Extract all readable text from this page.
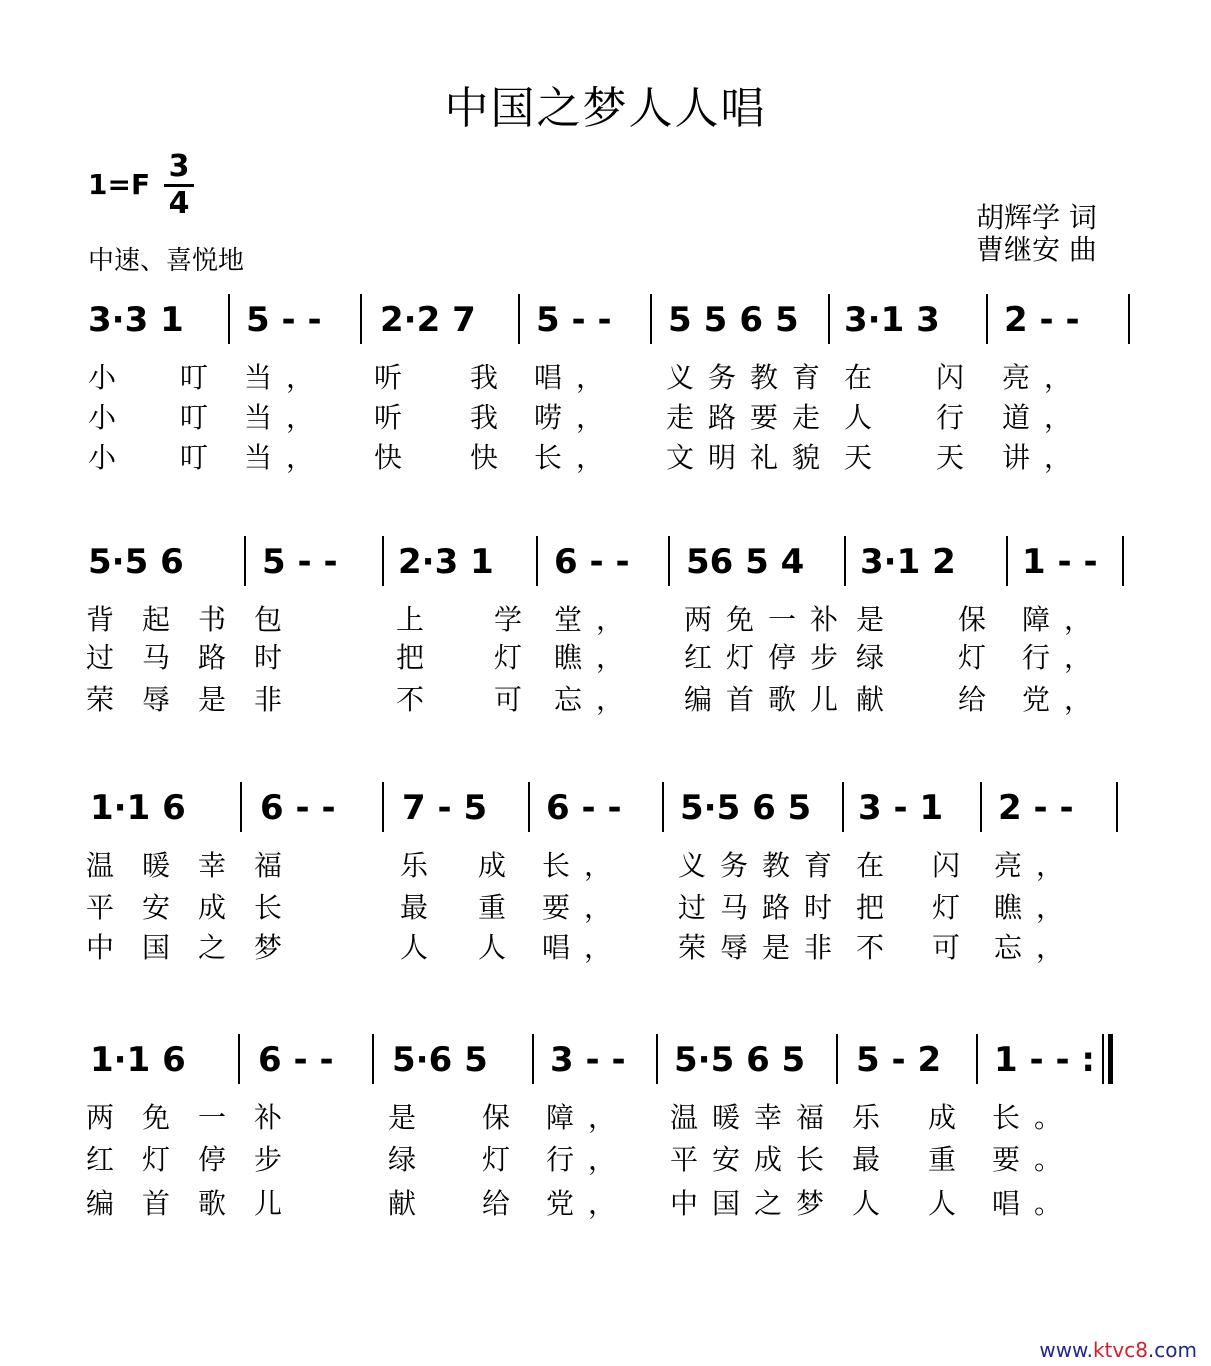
中国之梦人人唱
1=F
3
4
中速、喜悦地
胡辉学 词
曹继安 曲
3·3 1 5 - - 2·2 7 5 - - 5565 3·1 3 2 - -
小 叮 当， 听 我 唱， 义务教育 在 闪 亮，
小 叮 当， 听 我 唠， 走路要走 人 行 道，
小 叮 当， 快 快 长， 文明礼貌 天 天 讲，
5·5 6 5 - - 2·3 1 6 - - 56 5 4 3·1 2 1 - -
背起书包	上 学 堂， 两免一补 是 保 障，
过马路时	把 灯 瞧， 红灯停步 绿 灯 行，
荣辱是非	不 可 忘， 编首歌儿 献 给 党，
1·1 6 6 - - 7 - 5 6 - - 5·5 6 5 3 - 1 2 - -
温暖幸福	乐 成 长， 义务教育 在 闪 亮，
平安成长	最 重 要， 过马路时 把 灯 瞧，
中国之梦	人 人 唱， 荣辱是非 不 可 忘，
1·1 6 6 - - 5·6 5 3 - - 5·5 6 5 5 - 2 1 - - :
两免一补	是 保 障， 温暖幸福 乐 成 长。
红灯停步	绿 灯 行， 平安成长 最 重 要。
编首歌儿	献 给 党， 中国之梦 人 人 唱。
www.ktvc8.com
